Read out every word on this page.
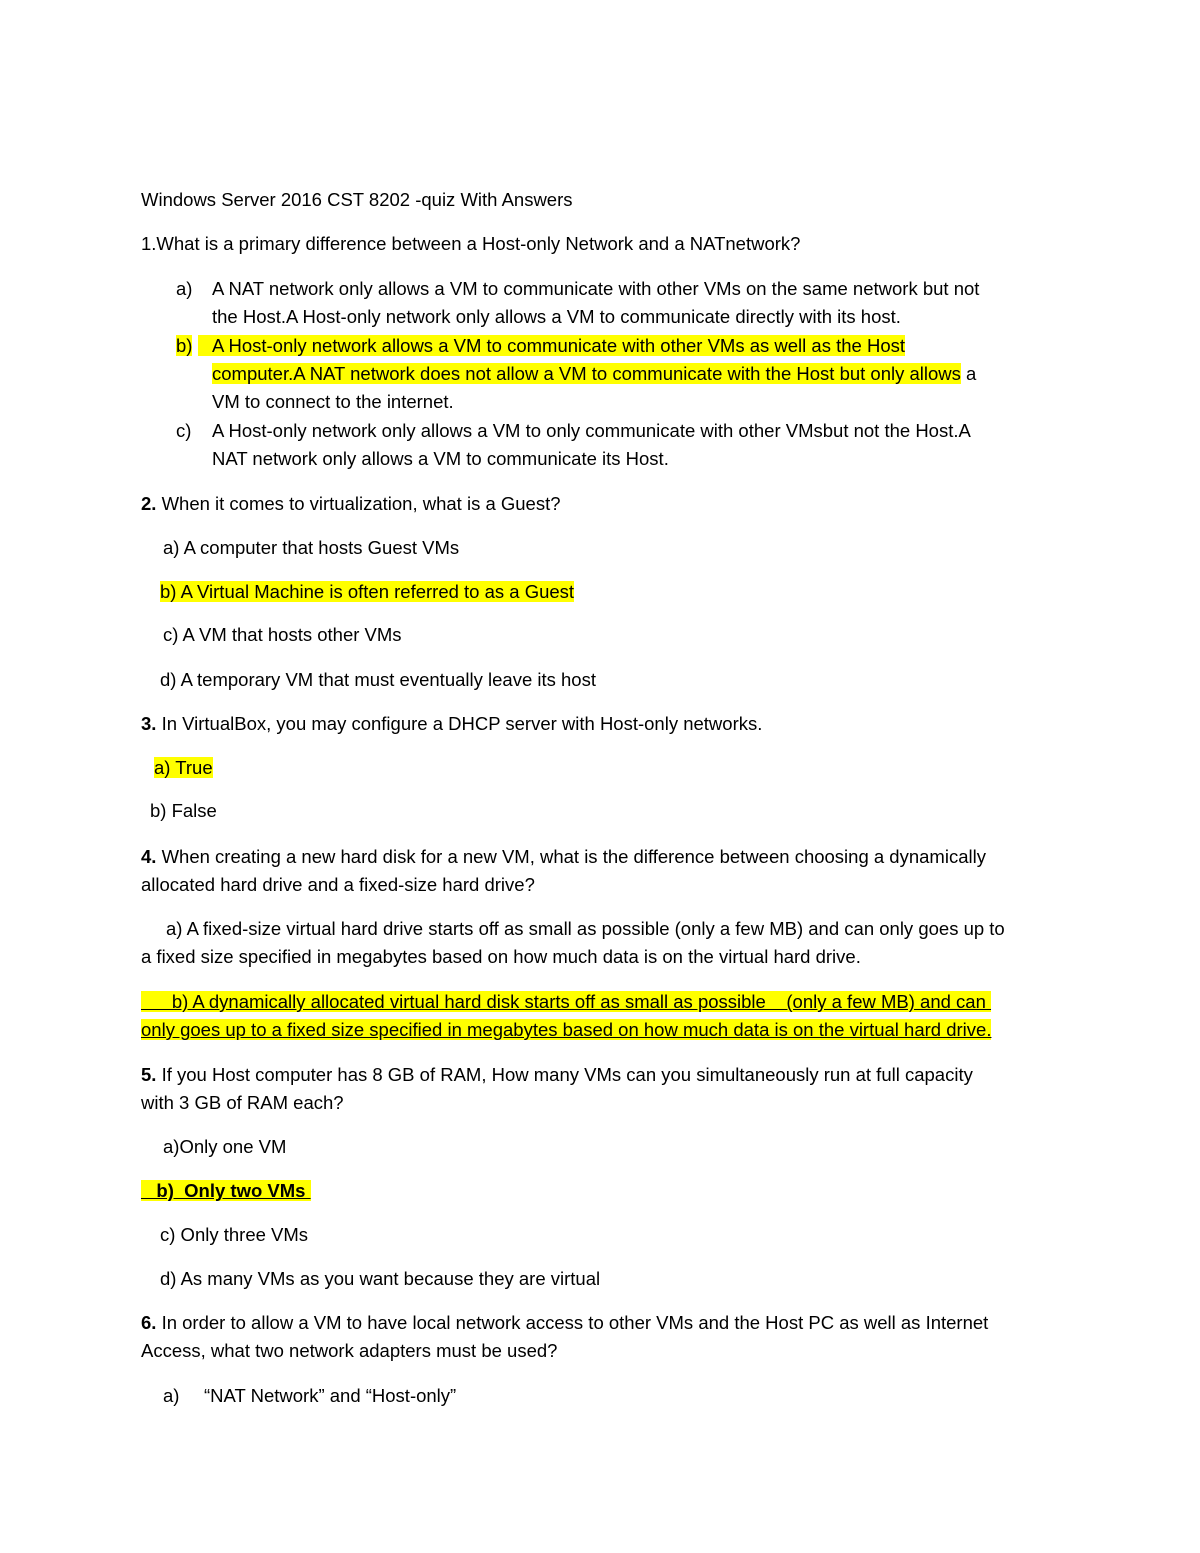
Windows Server 2016 CST 8202 -quiz With Answers
1.What is a primary difference between a Host-only Network and a NATnetwork?
a) A NAT network only allows a VM to communicate with other VMs on the same network but not
the Host.A Host-only network only allows a VM to communicate directly with its host.
b)	A Host-only network allows a VM to communicate with other VMs as well as the Host
computer.A NAT network does not allow a VM to communicate with the Host but only allows a
VM to connect to the internet.
c) A Host-only network only allows a VM to only communicate with other VMsbut not the Host.A
NAT network only allows a VM to communicate its Host.
2. When it comes to virtualization, what is a Guest?
a) A computer that hosts Guest VMs
b) A Virtual Machine is often referred to as a Guest
c) A VM that hosts other VMs
d) A temporary VM that must eventually leave its host
3. In VirtualBox, you may configure a DHCP server with Host-only networks.
a) True
b) False
4. When creating a new hard disk for a new VM, what is the difference between choosing a dynamically
allocated hard drive and a fixed-size hard drive?
a) A fixed-size virtual hard drive starts off as small as possible (only a few MB) and can only goes up to
a fixed size specified in megabytes based on how much data is on the virtual hard drive.
b) A dynamically allocated virtual hard disk starts off as small as possible    (only a few MB) and can
only goes up to a fixed size specified in megabytes based on how much data is on the virtual hard drive.
5. If you Host computer has 8 GB of RAM, How many VMs can you simultaneously run at full capacity
with 3 GB of RAM each?
a)Only one VM
b)  Only two VMs
c) Only three VMs
d) As many VMs as you want because they are virtual
6. In order to allow a VM to have local network access to other VMs and the Host PC as well as Internet
Access, what two network adapters must be used?
a) “NAT Network” and “Host-only”
